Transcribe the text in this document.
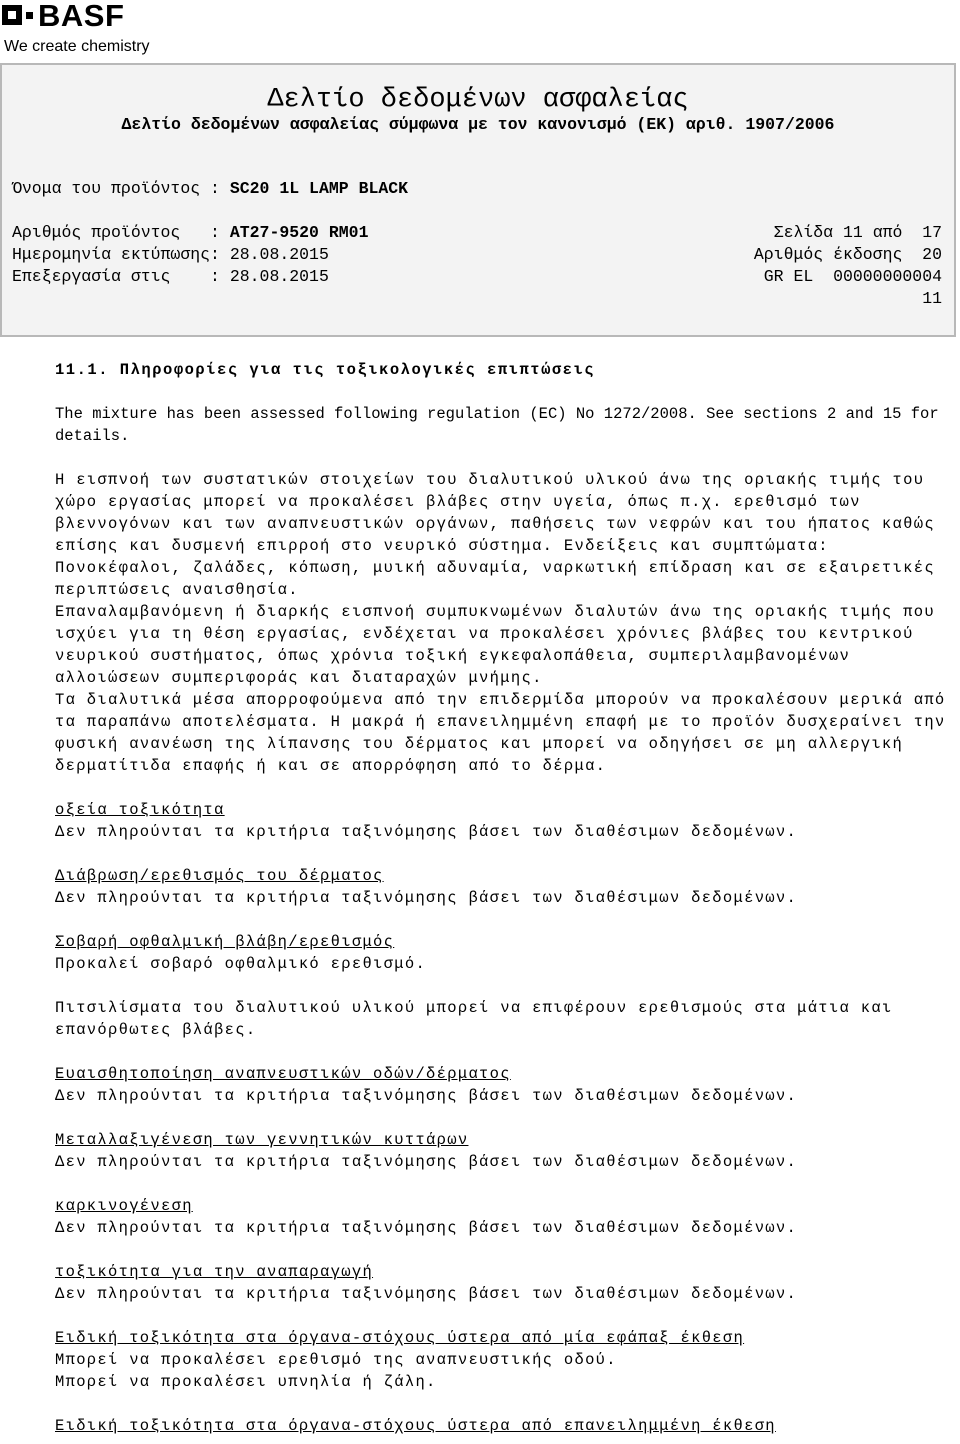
BASF
We create chemistry
Δελτίο δεδομένων ασφαλείας
Δελτίο δεδομένων ασφαλείας σύμφωνα με τον κανονισμό (ΕΚ) αριθ. 1907/2006
Όνομα του προϊόντος : SC20 1L LAMP BLACK
Αριθμός προϊόντος   : AT27-9520 RM01
Ημερομηνία εκτύπωσης: 28.08.2015
Επεξεργασία στις    : 28.08.2015
Σελίδα 11 από  17
Αριθμός έκδοσης  20
GR EL  00000000004
11

11.1. Πληροφορίες για τις τοξικολογικές επιπτώσεις

The mixture has been assessed following regulation (EC) No 1272/2008. See sections 2 and 15 for details.

Η εισπνοή των συστατικών στοιχείων του διαλυτικού υλικού άνω της οριακής τιμής του χώρο εργασίας μπορεί να προκαλέσει βλάβες στην υγεία, όπως π.χ. ερεθισμό των βλεννογόνων και των αναπνευστικών οργάνων, παθήσεις των νεφρών και του ήπατος καθώς επίσης και δυσμενή επιρροή στο νευρικό σύστημα. Ενδείξεις και συμπτώματα: Πονοκέφαλοι, ζαλάδες, κόπωση, μυική αδυναμία, ναρκωτική επίδραση και σε εξαιρετικές περιπτώσεις αναισθησία.

Επαναλαμβανόμενη ή διαρκής εισπνοή συμπυκνωμένων διαλυτών άνω της οριακής τιμής που ισχύει για τη θέση εργασίας, ενδέχεται να προκαλέσει χρόνιες βλάβες του κεντρικού νευρικού συστήματος, όπως χρόνια τοξική εγκεφαλοπάθεια, συμπεριλαμβανομένων αλλοιώσεων συμπεριφοράς και διαταραχών μνήμης.

Τα διαλυτικά μέσα απορροφούμενα από την επιδερμίδα μπορούν να προκαλέσουν μερικά από τα παραπάνω αποτελέσματα. Η μακρά ή επανειλημμένη επαφή με το προϊόν δυσχεραίνει την φυσική ανανέωση της λίπανσης του δέρματος και μπορεί να οδηγήσει σε μη αλλεργική δερματίτιδα επαφής ή και σε απορρόφηση από το δέρμα.

οξεία τοξικότητα

Δεν πληρούνται τα κριτήρια ταξινόμησης βάσει των διαθέσιμων δεδομένων.

Διάβρωση/ερεθισμός του δέρματος

Δεν πληρούνται τα κριτήρια ταξινόμησης βάσει των διαθέσιμων δεδομένων.

Σοβαρή οφθαλμική βλάβη/ερεθισμός

Προκαλεί σοβαρό οφθαλμικό ερεθισμό.

Πιτσιλίσματα του διαλυτικού υλικού μπορεί να επιφέρουν ερεθισμούς στα μάτια και επανόρθωτες βλάβες.

Ευαισθητοποίηση αναπνευστικών οδών/δέρματος

Δεν πληρούνται τα κριτήρια ταξινόμησης βάσει των διαθέσιμων δεδομένων.

Μεταλλαξιγένεση των γεννητικών κυττάρων

Δεν πληρούνται τα κριτήρια ταξινόμησης βάσει των διαθέσιμων δεδομένων.

καρκινογένεση

Δεν πληρούνται τα κριτήρια ταξινόμησης βάσει των διαθέσιμων δεδομένων.

τοξικότητα για την αναπαραγωγή

Δεν πληρούνται τα κριτήρια ταξινόμησης βάσει των διαθέσιμων δεδομένων.

Ειδική τοξικότητα στα όργανα-στόχους ύστερα από μία εφάπαξ έκθεση

Μπορεί να προκαλέσει ερεθισμό της αναπνευστικής οδού.

Μπορεί να προκαλέσει υπνηλία ή ζάλη.

Ειδική τοξικότητα στα όργανα-στόχους ύστερα από επανειλημμένη έκθεση
